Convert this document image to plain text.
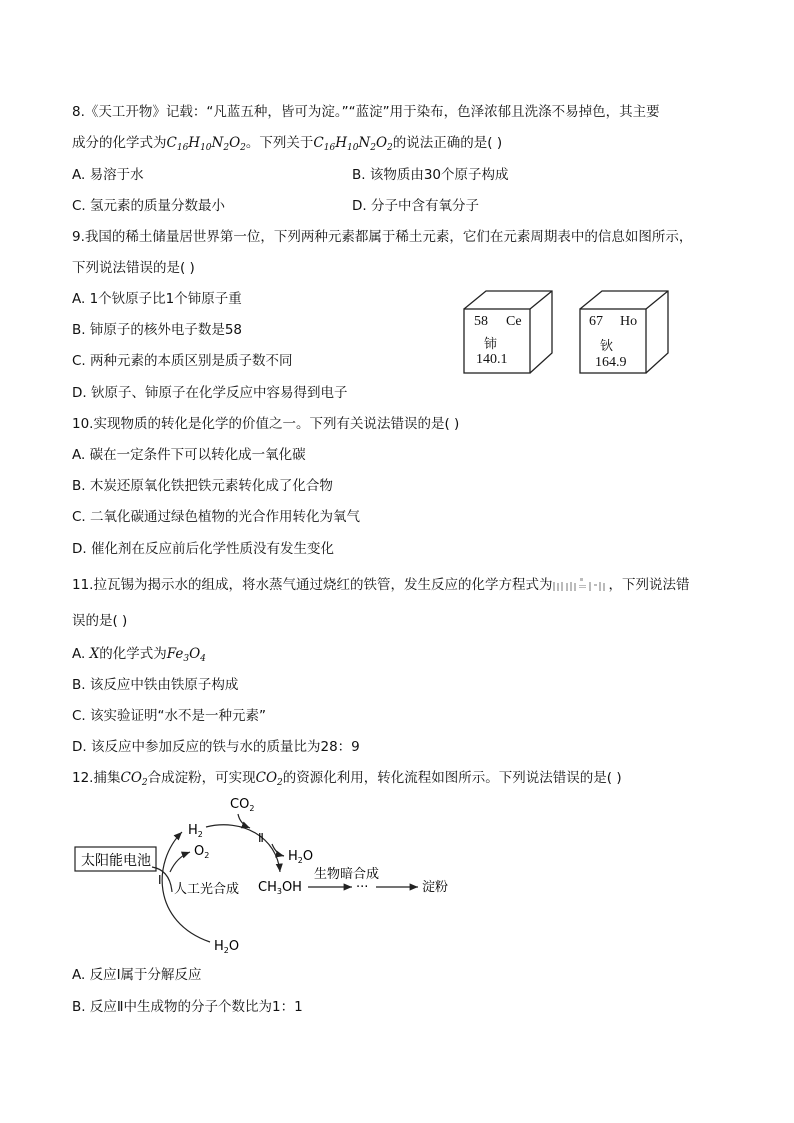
8.《天工开物》记载：“凡蓝五种，皆可为淀。”“蓝淀”用于染布，色泽浓郁且洗涤不易掉色，其主要
成分的化学式为$C_{16}H_{10}N_2O_2$。下列关于$C_{16}H_{10}N_2O_2$的说法正确的是( )
A. 易溶于水	B. 该物质由30个原子构成
C. 氢元素的质量分数最小	D. 分子中含有氧分子
9.我国的稀土储量居世界第一位，下列两种元素都属于稀土元素，它们在元素周期表中的信息如图所示，
下列说法错误的是( )
A. 1个钬原子比1个铈原子重
B. 铈原子的核外电子数是58
C. 两种元素的本质区别是质子数不同
D. 钬原子、铈原子在化学反应中容易得到电子
58 Ce
铈
140.1
67 Ho
钬
164.9
10.实现物质的转化是化学的价值之一。下列有关说法错误的是( )
A. 碳在一定条件下可以转化成一氧化碳
B. 木炭还原氧化铁把铁元素转化成了化合物
C. 二氧化碳通过绿色植物的光合作用转化为氧气
D. 催化剂在反应前后化学性质没有发生变化
11.拉瓦锡为揭示水的组成，将水蒸气通过烧红的铁管，发生反应的化学方程式为	，下列说法错
误的是( )
A. X的化学式为$Fe_3O_4$
B. 该反应中铁由铁原子构成
C. 该实验证明“水不是一种元素”
D. 该反应中参加反应的铁与水的质量比为28：9
12.捕集$CO_2$合成淀粉，可实现$CO_2$的资源化利用，转化流程如图所示。下列说法错误的是( )
太阳能电池
$H_2$
$O_2$
I
人工光合成
$H_2O$
$CO_2$
Ⅱ
$H_2O$
$CH_3OH$
生物暗合成
···	淀粉
A. 反应Ⅰ属于分解反应
B. 反应Ⅱ中生成物的分子个数比为1：1
